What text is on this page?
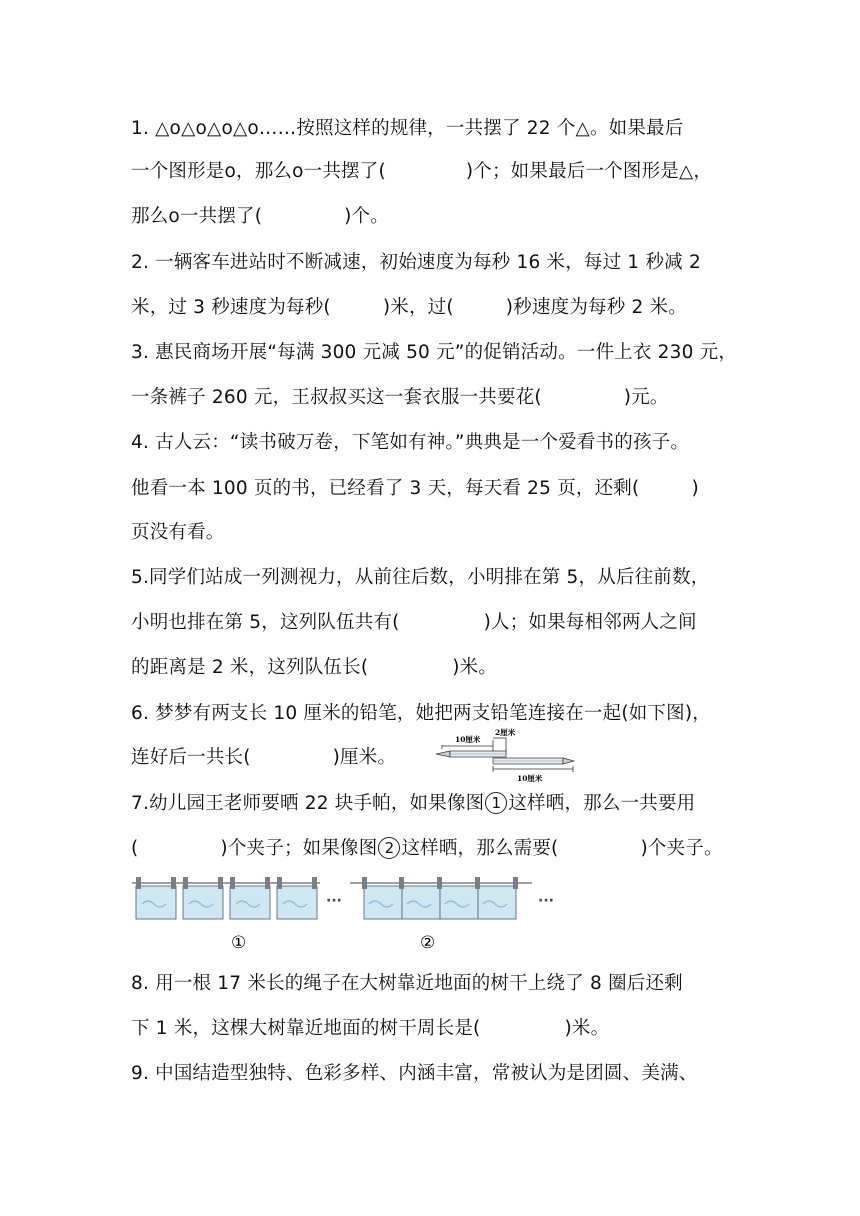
1. △o△o△o△o……按照这样的规律，一共摆了 22 个△。如果最后
一个图形是o，那么o一共摆了(	)个；如果最后一个图形是△，
那么o一共摆了(	)个。
2. 一辆客车进站时不断减速，初始速度为每秒 16 米，每过 1 秒减 2
米，过 3 秒速度为每秒(	)米，过(	)秒速度为每秒 2 米。
3. 惠民商场开展“每满 300 元减 50 元”的促销活动。一件上衣 230 元，
一条裤子 260 元，王叔叔买这一套衣服一共要花(	)元。
4. 古人云：“读书破万卷，下笔如有神。”典典是一个爱看书的孩子。
他看一本 100 页的书，已经看了 3 天，每天看 25 页，还剩(	)
页没有看。
5.同学们站成一列测视力，从前往后数，小明排在第 5，从后往前数，
小明也排在第 5，这列队伍共有(	)人；如果每相邻两人之间
的距离是 2 米，这列队伍长(	)米。
6. 梦梦有两支长 10 厘米的铅笔，她把两支铅笔连接在一起(如下图)，
连好后一共长(	)厘米。
10厘米
2厘米
10厘米
7.幼儿园王老师要晒 22 块手帕，如果像图 1 这样晒，那么一共要用
(	)个夹子；如果像图 2 这样晒，那么需要(	)个夹子。
···
①
···
②
8. 用一根 17 米长的绳子在大树靠近地面的树干上绕了 8 圈后还剩
下 1 米，这棵大树靠近地面的树干周长是(	)米。
9. 中国结造型独特、色彩多样、内涵丰富，常被认为是团圆、美满、
